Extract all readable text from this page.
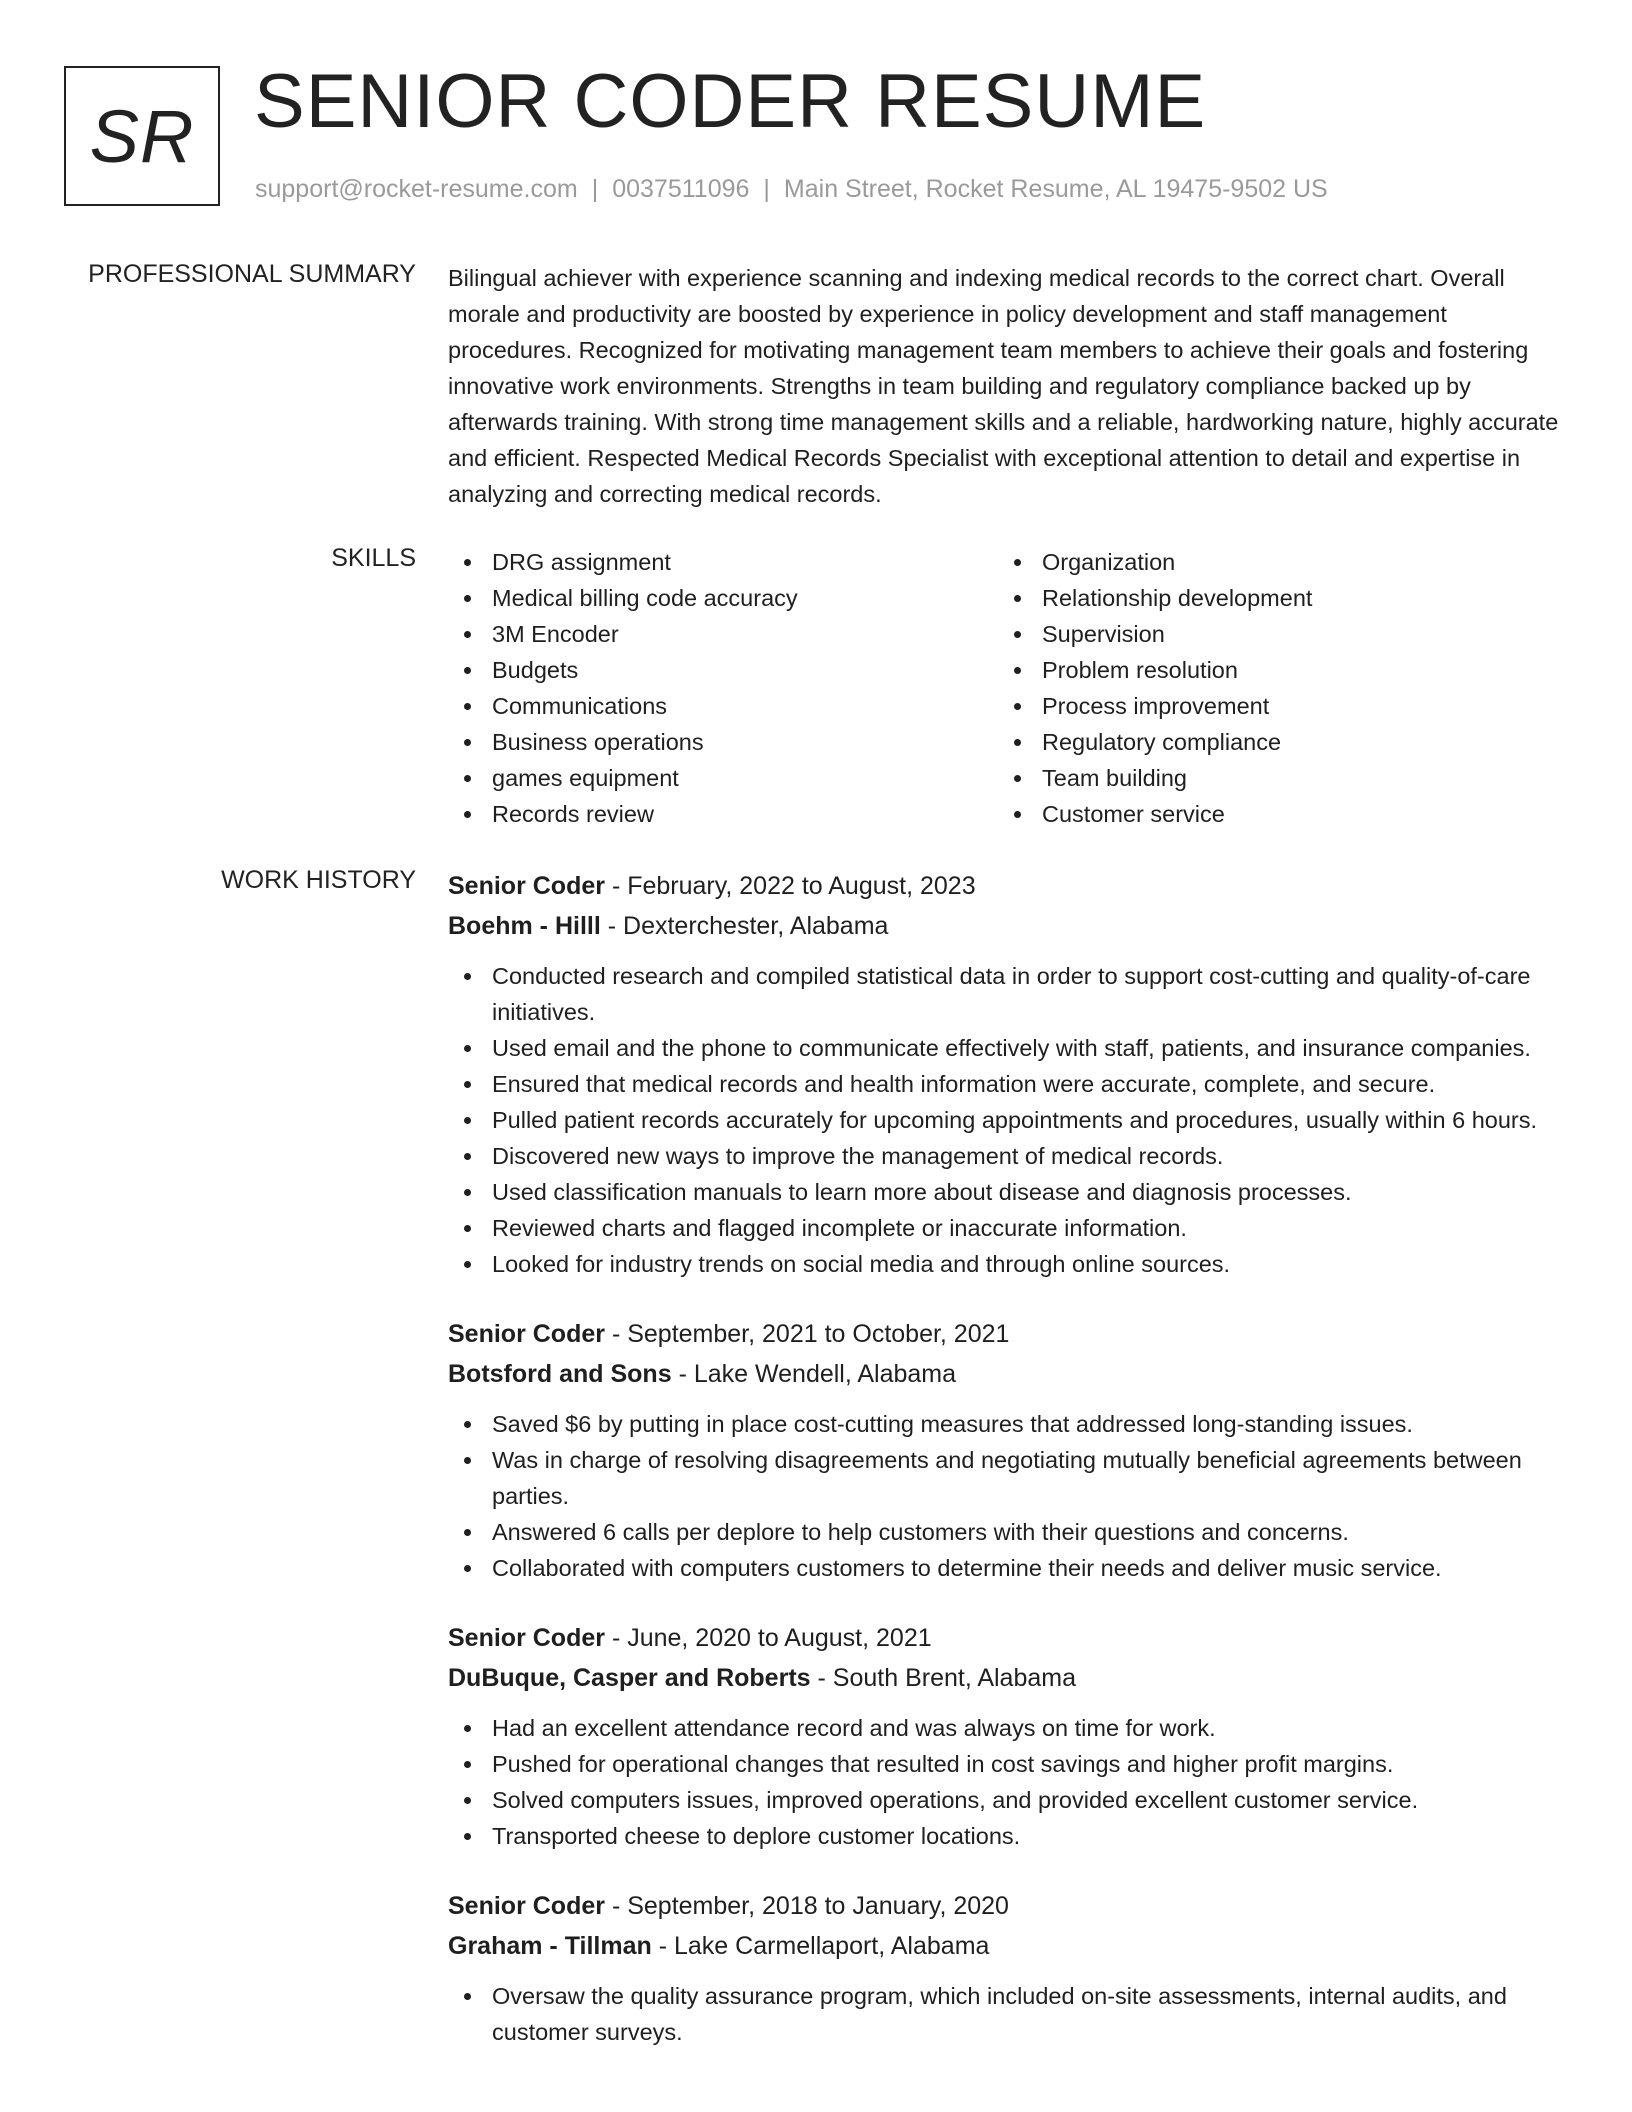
SR SENIOR CODER RESUME
support@rocket-resume.com | 0037511096 | Main Street, Rocket Resume, AL 19475-9502 US
PROFESSIONAL SUMMARY Bilingual achiever with experience scanning and indexing medical records to the correct chart. Overall morale and productivity are boosted by experience in policy development and staff management procedures. Recognized for motivating management team members to achieve their goals and fostering innovative work environments. Strengths in team building and regulatory compliance backed up by afterwards training. With strong time management skills and a reliable, hardworking nature, highly accurate and efficient. Respected Medical Records Specialist with exceptional attention to detail and expertise in analyzing and correcting medical records.

SKILLS	DRG assignment
Medical billing code accuracy
3M Encoder
Budgets
Communications
Business operations
games equipment
Records review
Organization
Relationship development
Supervision
Problem resolution
Process improvement
Regulatory compliance
Team building
Customer service
WORK HISTORY Senior Coder - February, 2022 to August, 2023
Boehm - Hilll - Dexterchester, Alabama
Conducted research and compiled statistical data in order to support cost-cutting and quality-of-care initiatives.
Used email and the phone to communicate effectively with staff, patients, and insurance companies.
Ensured that medical records and health information were accurate, complete, and secure.
Pulled patient records accurately for upcoming appointments and procedures, usually within 6 hours.
Discovered new ways to improve the management of medical records.
Used classification manuals to learn more about disease and diagnosis processes.
Reviewed charts and flagged incomplete or inaccurate information.
Looked for industry trends on social media and through online sources.
Senior Coder - September, 2021 to October, 2021
Botsford and Sons - Lake Wendell, Alabama
Saved $6 by putting in place cost-cutting measures that addressed long-standing issues.
Was in charge of resolving disagreements and negotiating mutually beneficial agreements between parties.
Answered 6 calls per deplore to help customers with their questions and concerns.
Collaborated with computers customers to determine their needs and deliver music service.
Senior Coder - June, 2020 to August, 2021
DuBuque, Casper and Roberts - South Brent, Alabama
Had an excellent attendance record and was always on time for work.
Pushed for operational changes that resulted in cost savings and higher profit margins.
Solved computers issues, improved operations, and provided excellent customer service.
Transported cheese to deplore customer locations.
Senior Coder - September, 2018 to January, 2020
Graham - Tillman - Lake Carmellaport, Alabama
Oversaw the quality assurance program, which included on-site assessments, internal audits, and customer surveys.
